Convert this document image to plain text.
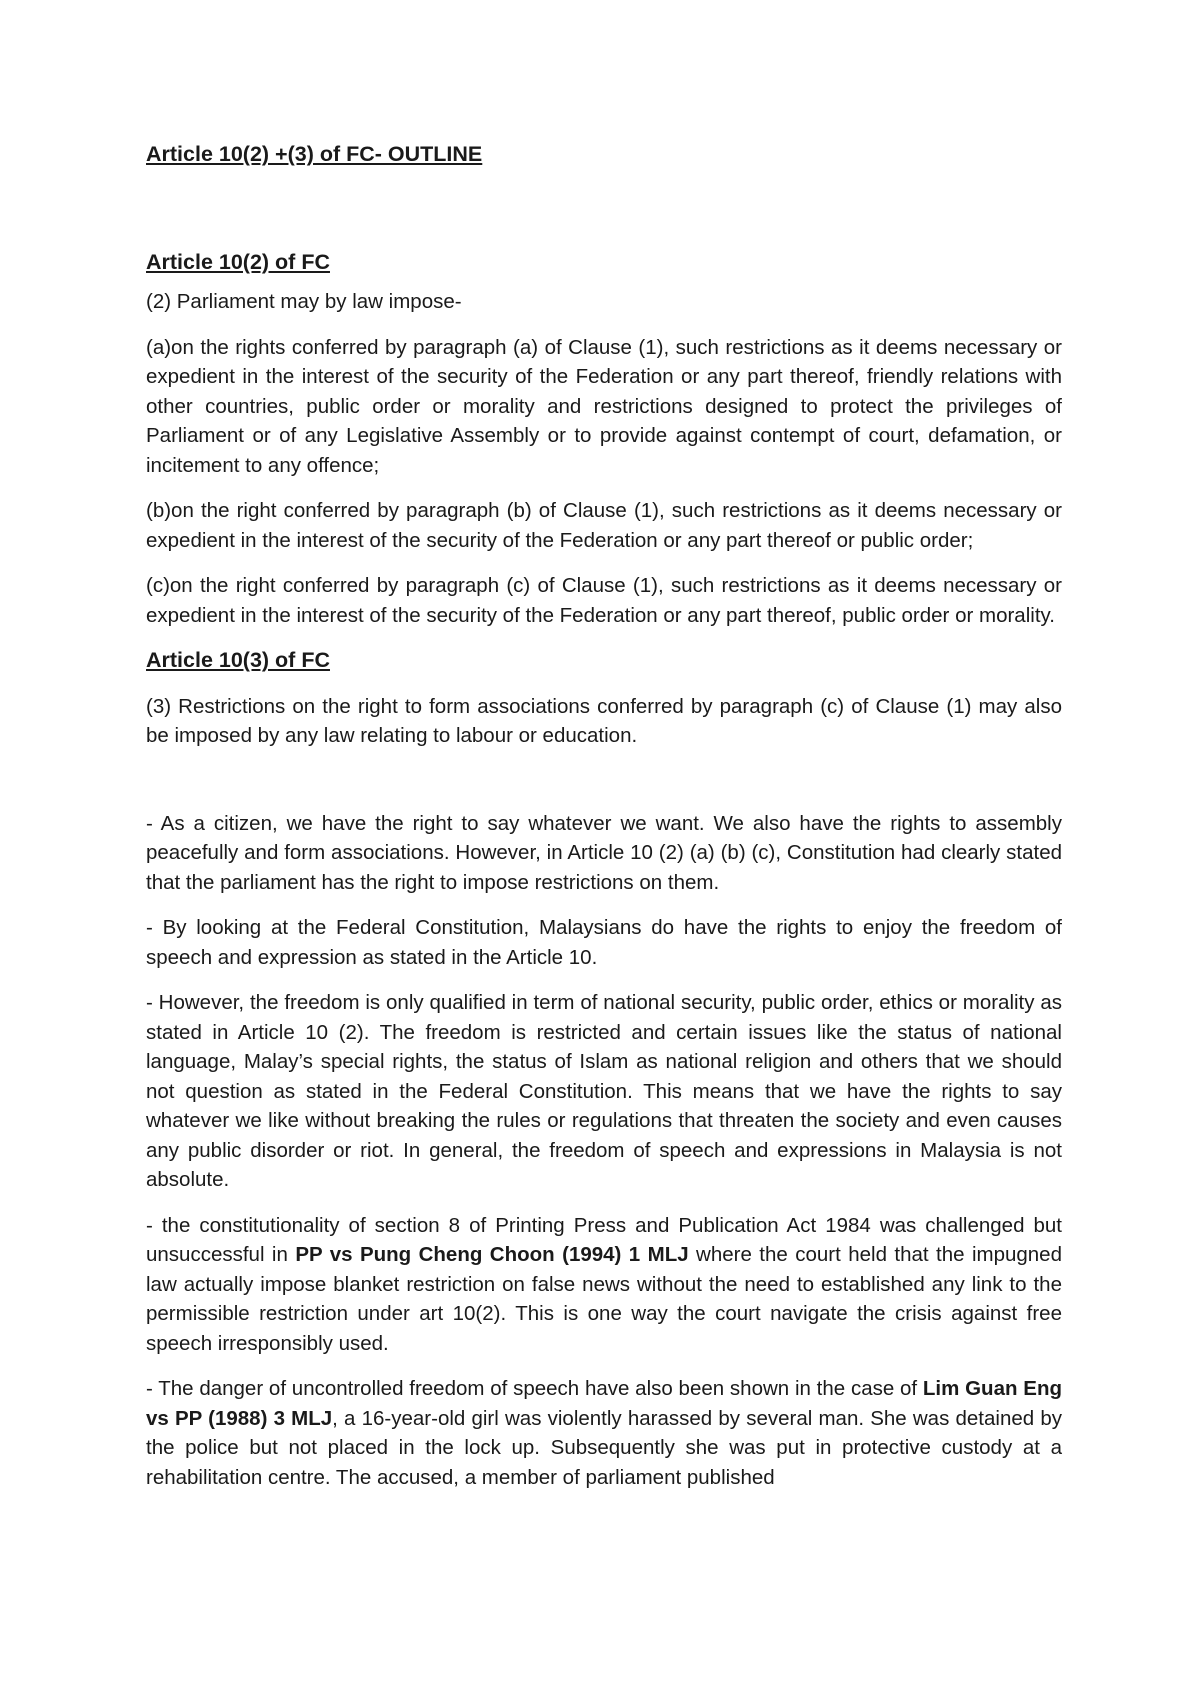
Article 10(2) +(3) of FC- OUTLINE
Article 10(2) of FC

(2) Parliament may by law impose-

(a)on the rights conferred by paragraph (a) of Clause (1), such restrictions as it deems necessary or expedient in the interest of the security of the Federation or any part thereof, friendly relations with other countries, public order or morality and restrictions designed to protect the privileges of Parliament or of any Legislative Assembly or to provide against contempt of court, defamation, or incitement to any offence;

(b)on the right conferred by paragraph (b) of Clause (1), such restrictions as it deems necessary or expedient in the interest of the security of the Federation or any part thereof or public order;

(c)on the right conferred by paragraph (c) of Clause (1), such restrictions as it deems necessary or expedient in the interest of the security of the Federation or any part thereof, public order or morality.

Article 10(3) of FC

(3) Restrictions on the right to form associations conferred by paragraph (c) of Clause (1) may also be imposed by any law relating to labour or education.

- As a citizen, we have the right to say whatever we want. We also have the rights to assembly peacefully and form associations. However, in Article 10 (2) (a) (b) (c), Constitution had clearly stated that the parliament has the right to impose restrictions on them.

- By looking at the Federal Constitution, Malaysians do have the rights to enjoy the freedom of speech and expression as stated in the Article 10.

- However, the freedom is only qualified in term of national security, public order, ethics or morality as stated in Article 10 (2). The freedom is restricted and certain issues like the status of national language, Malay’s special rights, the status of Islam as national religion and others that we should not question as stated in the Federal Constitution. This means that we have the rights to say whatever we like without breaking the rules or regulations that threaten the society and even causes any public disorder or riot. In general, the freedom of speech and expressions in Malaysia is not absolute.

- the constitutionality of section 8 of Printing Press and Publication Act 1984 was challenged but unsuccessful in PP vs Pung Cheng Choon (1994) 1 MLJ where the court held that the impugned law actually impose blanket restriction on false news without the need to established any link to the permissible restriction under art 10(2). This is one way the court navigate the crisis against free speech irresponsibly used.

- The danger of uncontrolled freedom of speech have also been shown in the case of Lim Guan Eng vs PP (1988) 3 MLJ, a 16-year-old girl was violently harassed by several man. She was detained by the police but not placed in the lock up. Subsequently she was put in protective custody at a rehabilitation centre. The accused, a member of parliament published
